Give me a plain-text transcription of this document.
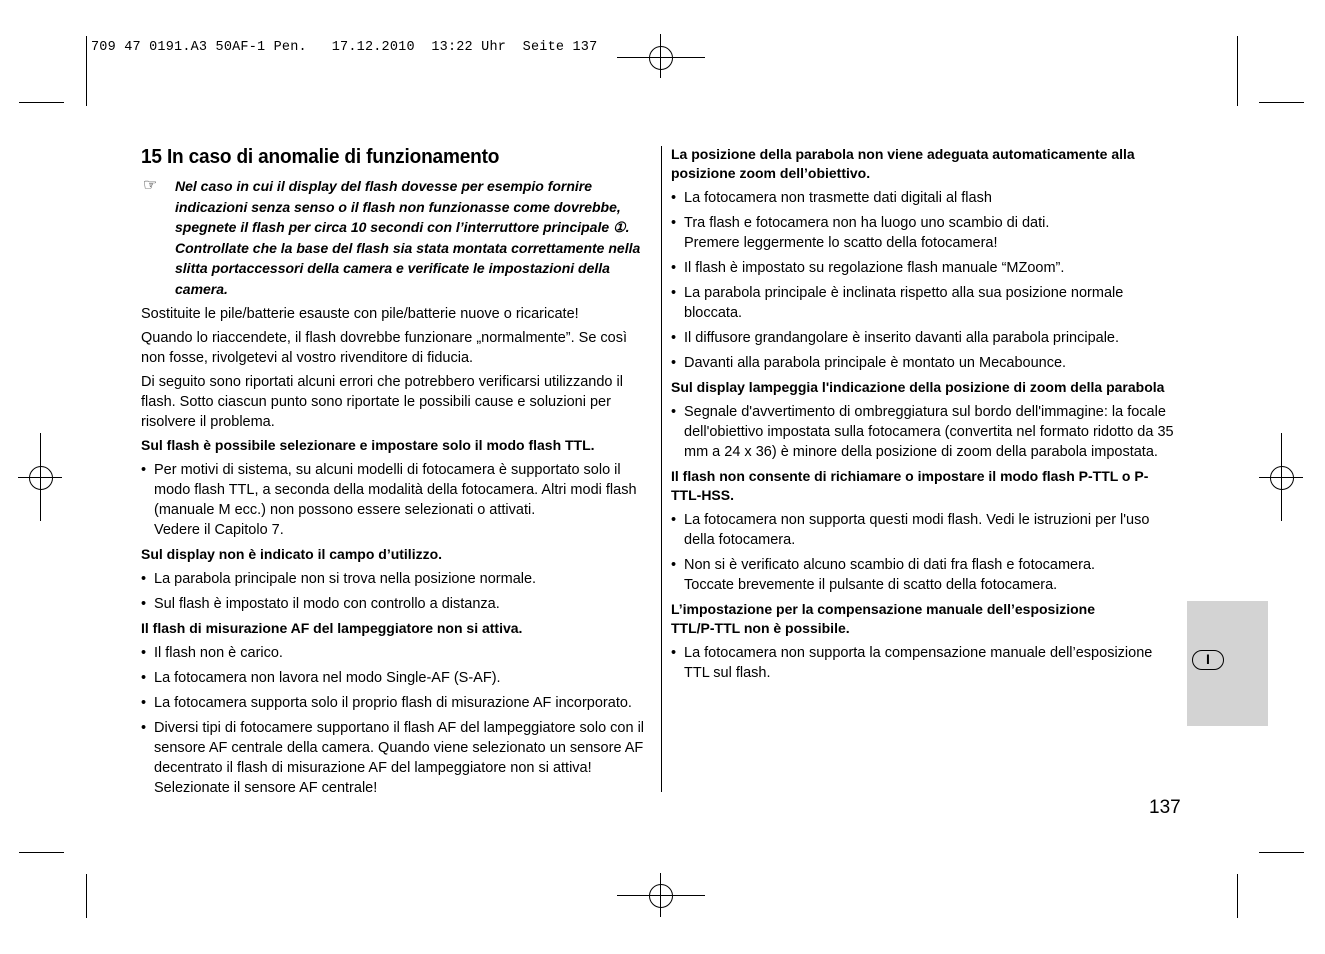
709 47 0191.A3 50AF-1 Pen.   17.12.2010  13:22 Uhr  Seite 137
15 In caso di anomalie di funzionamento
☞	Nel caso in cui il display del flash dovesse per esempio fornire indicazioni senza senso o il flash non funzionasse come dovrebbe, spegnete il flash per circa 10 secondi con l’interruttore principale ①. Controllate che la base del flash sia stata montata correttamente nella slitta portaccessori della camera e verificate le impostazioni della camera.

Sostituite le pile/batterie esauste con pile/batterie nuove o ricaricate!

Quando lo riaccendete, il flash dovrebbe funzionare „normalmente”. Se così non fosse, rivolgetevi al vostro rivenditore di fiducia.

Di seguito sono riportati alcuni errori che potrebbero verificarsi utilizzando il flash. Sotto ciascun punto sono riportate le possibili cause e soluzioni per risolvere il problema.

Sul flash è possibile selezionare e impostare solo il modo flash TTL.
• Per motivi di sistema, su alcuni modelli di fotocamera è supportato solo il modo flash TTL, a seconda della modalità della fotocamera. Altri modi flash (manuale M ecc.) non possono essere selezionati o attivati.
Vedere il Capitolo 7.
Sul display non è indicato il campo d’utilizzo.
• La parabola principale non si trova nella posizione normale.
• Sul flash è impostato il modo con controllo a distanza.
Il flash di misurazione AF del lampeggiatore non si attiva.
• Il flash non è carico.
• La fotocamera non lavora nel modo Single-AF (S-AF).
• La fotocamera supporta solo il proprio flash di misurazione AF incorporato.
• Diversi tipi di fotocamere supportano il flash AF del lampeggiatore solo con il sensore AF centrale della camera. Quando viene selezionato un sensore AF decentrato il flash di misurazione AF del lampeggiatore non si attiva!
Selezionate il sensore AF centrale!
La posizione della parabola non viene adeguata automaticamente alla posizione zoom dell’obiettivo.
• La fotocamera non trasmette dati digitali al flash
• Tra flash e fotocamera non ha luogo uno scambio di dati.
Premere leggermente lo scatto della fotocamera!
• Il flash è impostato su regolazione flash manuale “MZoom”.
• La parabola principale è inclinata rispetto alla sua posizione normale bloccata.
• Il diffusore grandangolare è inserito davanti alla parabola principale.
• Davanti alla parabola principale è montato un Mecabounce.
Sul display lampeggia l'indicazione della posizione di zoom della parabola
• Segnale d'avvertimento di ombreggiatura sul bordo dell'immagine: la focale dell'obiettivo impostata sulla fotocamera (convertita nel formato ridotto da 35 mm a 24 x 36) è minore della posizione di zoom della parabola impostata.
Il flash non consente di richiamare o impostare il modo flash P-TTL o P-TTL-HSS.
• La fotocamera non supporta questi modi flash. Vedi le istruzioni per l'uso della fotocamera.
• Non si è verificato alcuno scambio di dati fra flash e fotocamera.
Toccate brevemente il pulsante di scatto della fotocamera.
L’impostazione per la compensazione manuale dell’esposizione
TTL/P-TTL non è possibile.
• La fotocamera non supporta la compensazione manuale dell’esposizione TTL sul flash.
I
137
